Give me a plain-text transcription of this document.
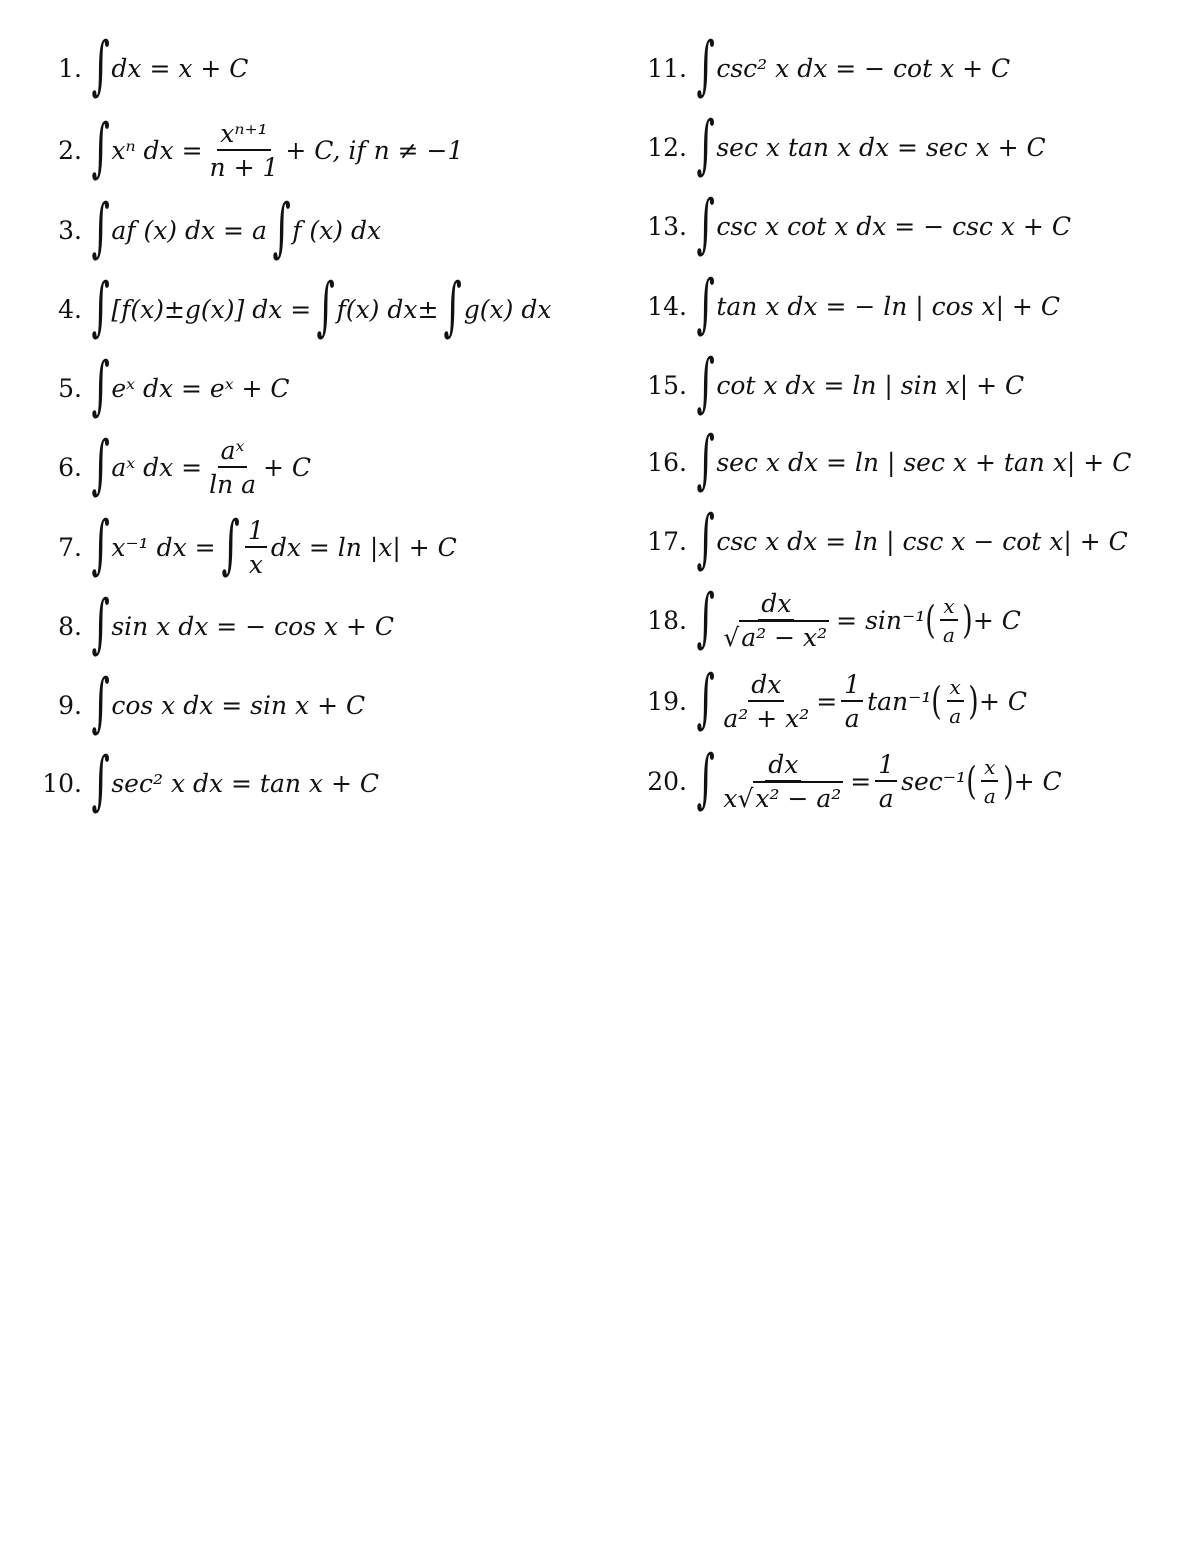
1. ∫ dx = x + C
2. ∫ xⁿ dx = $\frac{\text{xⁿ⁺¹}}{n + 1} + C$, if n ≠ −1
3. ∫ af (x) dx = a ∫ f (x) dx
4. ∫ [f(x)±g(x)] dx = ∫ f(x) dx± ∫ g(x) dx
5. ∫ eˣ dx = eˣ + C
6. ∫ aˣ dx = $\frac{\text{aˣ}}{\text{ln a}} + C$
7. ∫ x⁻¹ dx = ∫ $\frac{1}{x}$ dx = ln |x| + C
8. ∫ sin x dx = − cos x + C
9. ∫ cos x dx = sin x + C
10. ∫ sec² x dx = tan x + C
11. ∫ csc² x dx = − cot x + C
12. ∫ sec x tan x dx = sec x + C
13. ∫ csc x cot x dx = − csc x + C
14. ∫ tan x dx = − ln | cos x| + C
15. ∫ cot x dx = ln | sin x| + C
16. ∫ sec x dx = ln | sec x + tan x| + C
17. ∫ csc x dx = ln | csc x − cot x| + C
18. ∫ $\frac{dx}{\text{√a² − x²}} = \sin^{-1}$ ( $\frac{x}{a}$ ) + C
19. ∫ $\frac{dx}{\text{a² + x²}} = \frac{1}{a} \tan^{-1}$ ( $\frac{x}{a}$ ) + C
20. ∫ $\frac{dx}{\text{x√x² − a²}} = \frac{1}{a} \sec^{-1}$ ( $\frac{x}{a}$ ) + C
